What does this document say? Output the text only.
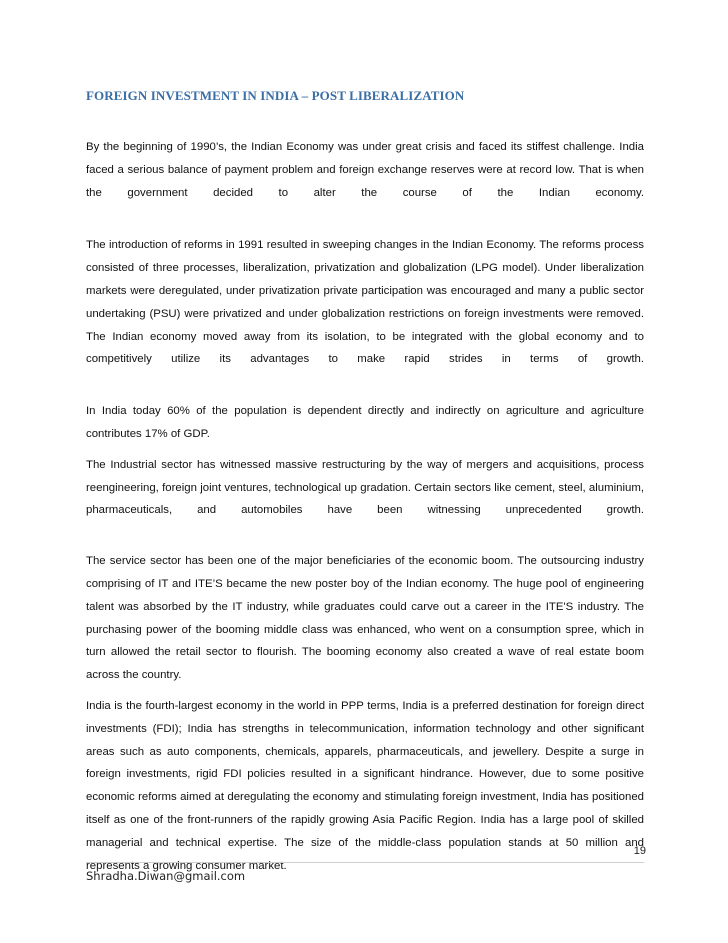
FOREIGN INVESTMENT IN INDIA – POST LIBERALIZATION

By the beginning of 1990’s, the Indian Economy was under great crisis and faced its stiffest challenge. India faced a serious balance of payment problem and foreign exchange reserves were at record low. That is when the government decided to alter the course of the Indian economy.

The introduction of reforms in 1991 resulted in sweeping changes in the Indian Economy. The reforms process consisted of three processes, liberalization, privatization and globalization (LPG model). Under liberalization markets were deregulated, under privatization private participation was encouraged and many a public sector undertaking (PSU) were privatized and under globalization restrictions on foreign investments were removed. The Indian economy moved away from its isolation, to be integrated with the global economy and to competitively utilize its advantages to make rapid strides in terms of growth.

In India today 60% of the population is dependent directly and indirectly on agriculture and agriculture contributes 17% of GDP.

The Industrial sector has witnessed massive restructuring by the way of mergers and acquisitions, process reengineering, foreign joint ventures, technological up gradation. Certain sectors like cement, steel, aluminium, pharmaceuticals, and automobiles have been witnessing unprecedented growth.

The service sector has been one of the major beneficiaries of the economic boom. The outsourcing industry comprising of IT and ITE’S became the new poster boy of the Indian economy. The huge pool of engineering talent was absorbed by the IT industry, while graduates could carve out a career in the ITE'S industry. The purchasing power of the booming middle class was enhanced, who went on a consumption spree, which in turn allowed the retail sector to flourish. The booming economy also created a wave of real estate boom across the country.

India is the fourth-largest economy in the world in PPP terms, India is a preferred destination for foreign direct investments (FDI); India has strengths in telecommunication, information technology and other significant areas such as auto components, chemicals, apparels, pharmaceuticals, and jewellery. Despite a surge in foreign investments, rigid FDI policies resulted in a significant hindrance. However, due to some positive economic reforms aimed at deregulating the economy and stimulating foreign investment, India has positioned itself as one of the front-runners of the rapidly growing Asia Pacific Region. India has a large pool of skilled managerial and technical expertise. The size of the middle-class population stands at 50 million and represents a growing consumer market.

19
Shradha.Diwan@gmail.com
